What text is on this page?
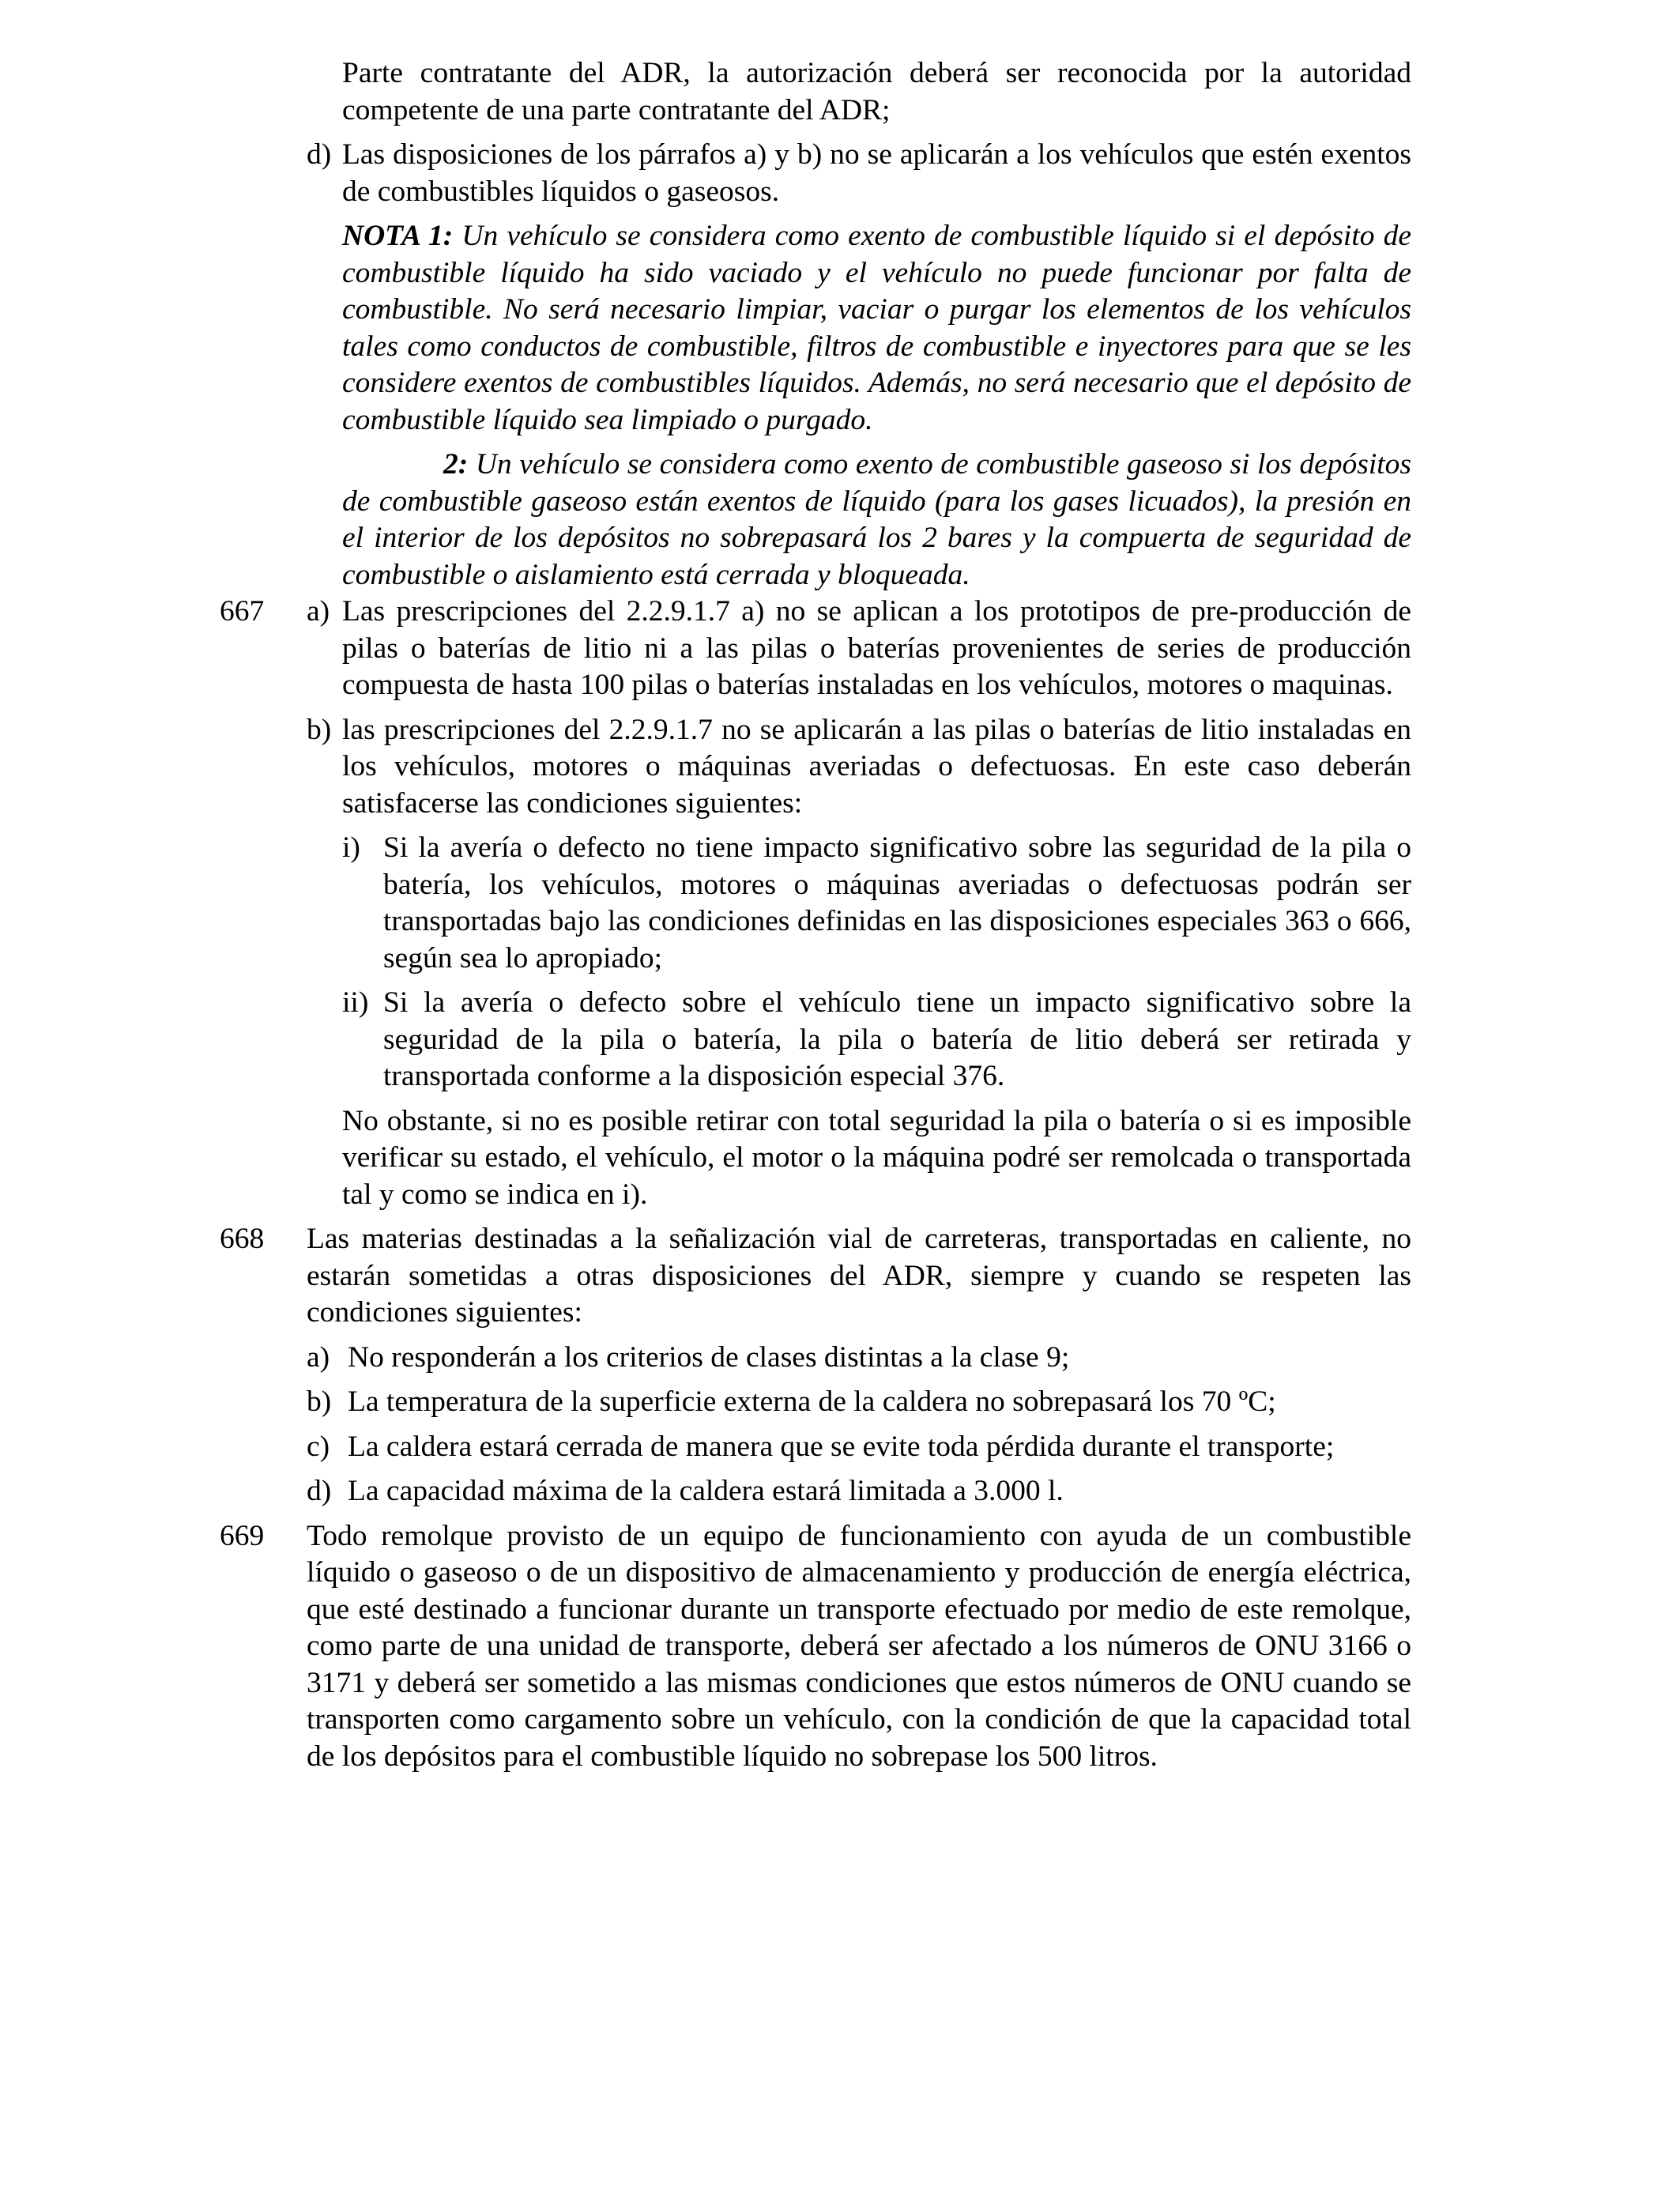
Parte contratante del ADR, la autorización deberá ser reconocida por la autoridad competente de una parte contratante del ADR;

d) Las disposiciones de los párrafos a) y b) no se aplicarán a los vehículos que estén exentos de combustibles líquidos o gaseosos.

NOTA 1: Un vehículo se considera como exento de combustible líquido si el depósito de combustible líquido ha sido vaciado y el vehículo no puede funcionar por falta de combustible. No será necesario limpiar, vaciar o purgar los elementos de los vehículos tales como conductos de combustible, filtros de combustible e inyectores para que se les considere exentos de combustibles líquidos. Además, no será necesario que el depósito de combustible líquido sea limpiado o purgado.

2: Un vehículo se considera como exento de combustible gaseoso si los depósitos de combustible gaseoso están exentos de líquido (para los gases licuados), la presión en el interior de los depósitos no sobrepasará los 2 bares y la compuerta de seguridad de combustible o aislamiento está cerrada y bloqueada.

667	a) Las prescripciones del 2.2.9.1.7 a) no se aplican a los prototipos de pre-producción de pilas o baterías de litio ni a las pilas o baterías provenientes de series de producción compuesta de hasta 100 pilas o baterías instaladas en los vehículos, motores o maquinas.

b) las prescripciones del 2.2.9.1.7 no se aplicarán a las pilas o baterías de litio instaladas en los vehículos, motores o máquinas averiadas o defectuosas. En este caso deberán satisfacerse las condiciones siguientes:

i) Si la avería o defecto no tiene impacto significativo sobre las seguridad de la pila o batería, los vehículos, motores o máquinas averiadas o defectuosas podrán ser transportadas bajo las condiciones definidas en las disposiciones especiales 363 o 666, según sea lo apropiado;

ii) Si la avería o defecto sobre el vehículo tiene un impacto significativo sobre la seguridad de la pila o batería, la pila o batería de litio deberá ser retirada y transportada conforme a la disposición especial 376.

No obstante, si no es posible retirar con total seguridad la pila o batería o si es imposible verificar su estado, el vehículo, el motor o la máquina podré ser remolcada o transportada tal y como se indica en i).

668	Las materias destinadas a la señalización vial de carreteras, transportadas en caliente, no estarán sometidas a otras disposiciones del ADR, siempre y cuando se respeten las condiciones siguientes:

a) No responderán a los criterios de clases distintas a la clase 9;

b) La temperatura de la superficie externa de la caldera no sobrepasará los 70 ºC;

c) La caldera estará cerrada de manera que se evite toda pérdida durante el transporte;

d) La capacidad máxima de la caldera estará limitada a 3.000 l.

669	Todo remolque provisto de un equipo de funcionamiento con ayuda de un combustible líquido o gaseoso o de un dispositivo de almacenamiento y producción de energía eléctrica, que esté destinado a funcionar durante un transporte efectuado por medio de este remolque, como parte de una unidad de transporte, deberá ser afectado a los números de ONU 3166 o 3171 y deberá ser sometido a las mismas condiciones que estos números de ONU cuando se transporten como cargamento sobre un vehículo, con la condición de que la capacidad total de los depósitos para el combustible líquido no sobrepase los 500 litros.
